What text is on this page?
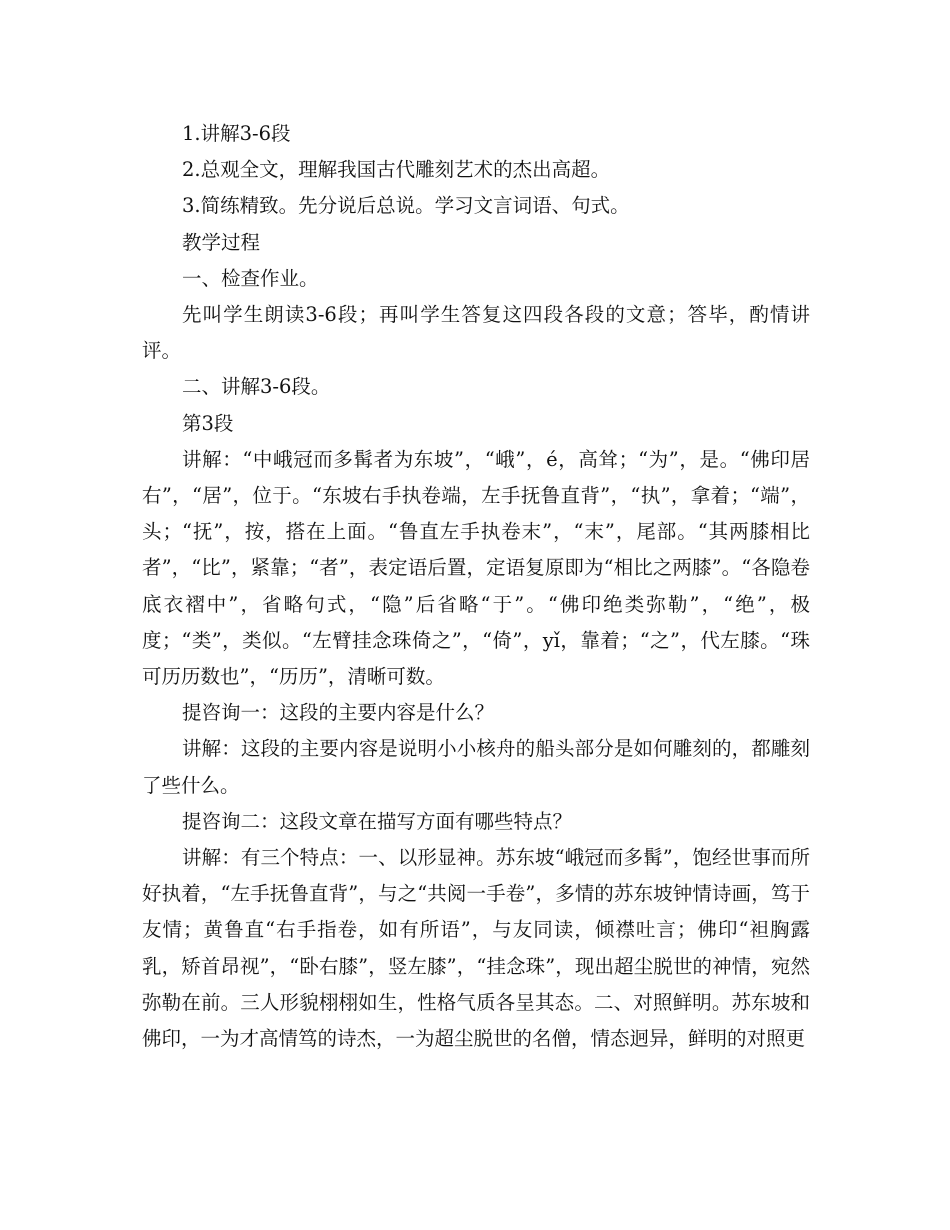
1.讲解3-6段

2.总观全文，理解我国古代雕刻艺术的杰出高超。

3.简练精致。先分说后总说。学习文言词语、句式。

教学过程

一、检查作业。

先叫学生朗读3-6段；再叫学生答复这四段各段的文意；答毕，酌情讲评。

二、讲解3-6段。

第3段

讲解：“中峨冠而多髯者为东坡”，“峨”，é，高耸；“为”，是。“佛印居右”，“居”，位于。“东坡右手执卷端，左手抚鲁直背”，“执”，拿着；“端”，头；“抚”，按，搭在上面。“鲁直左手执卷末”，“末”，尾部。“其两膝相比者”，“比”，紧靠；“者”，表定语后置，定语复原即为“相比之两膝”。“各隐卷底衣褶中”，省略句式，“隐”后省略“于”。“佛印绝类弥勒”，“绝”，极度；“类”，类似。“左臂挂念珠倚之”，“倚”，yǐ，靠着；“之”，代左膝。“珠可历历数也”，“历历”，清晰可数。

提咨询一：这段的主要内容是什么？

讲解：这段的主要内容是说明小小核舟的船头部分是如何雕刻的，都雕刻了些什么。

提咨询二：这段文章在描写方面有哪些特点？

讲解：有三个特点：一、以形显神。苏东坡“峨冠而多髯”，饱经世事而所好执着，“左手抚鲁直背”，与之“共阅一手卷”，多情的苏东坡钟情诗画，笃于友情；黄鲁直“右手指卷，如有所语”，与友同读，倾襟吐言；佛印“袒胸露乳，矫首昂视”，“卧右膝”，竖左膝”，“挂念珠”，现出超尘脱世的神情，宛然弥勒在前。三人形貌栩栩如生，性格气质各呈其态。二、对照鲜明。苏东坡和佛印，一为才高情笃的诗杰，一为超尘脱世的名僧，情态迥异，鲜明的对照更
